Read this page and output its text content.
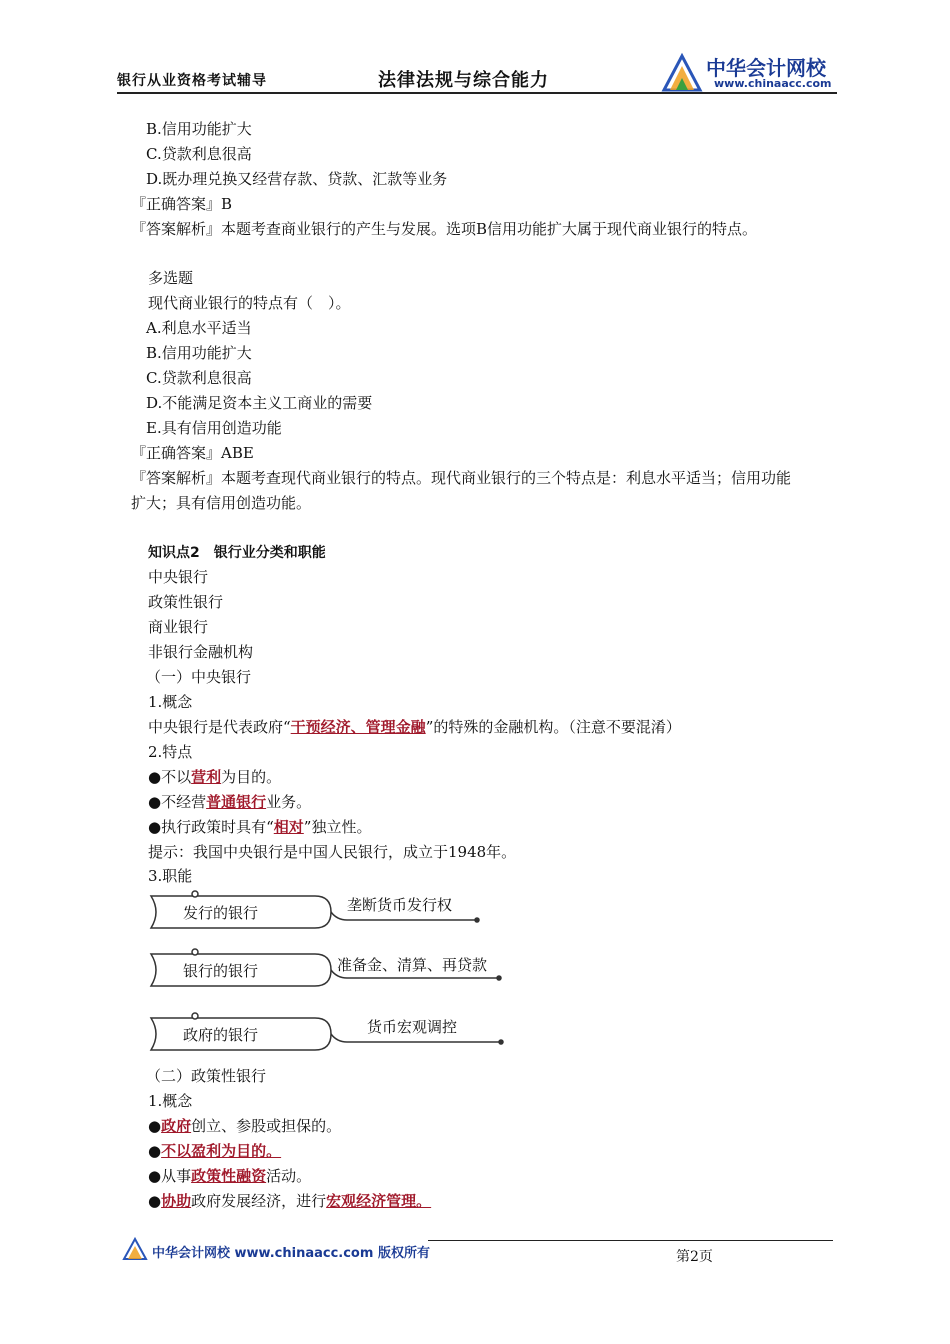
银行从业资格考试辅导	法律法规与综合能力
中华会计网校
www.chinaacc.com
B.信用功能扩大
C.贷款利息很高
D.既办理兑换又经营存款、贷款、汇款等业务
『正确答案』B
『答案解析』本题考查商业银行的产生与发展。选项B信用功能扩大属于现代商业银行的特点。
多选题
现代商业银行的特点有（　）。
A.利息水平适当
B.信用功能扩大
C.贷款利息很高
D.不能满足资本主义工商业的需要
E.具有信用创造功能
『正确答案』ABE
『答案解析』本题考查现代商业银行的特点。现代商业银行的三个特点是：利息水平适当；信用功能
扩大；具有信用创造功能。
知识点2　银行业分类和职能
中央银行
政策性银行
商业银行
非银行金融机构
（一）中央银行
1.概念
中央银行是代表政府“干预经济、管理金融”的特殊的金融机构。（注意不要混淆）
2.特点
●不以营利为目的。
●不经营普通银行业务。
●执行政策时具有“相对”独立性。
提示：我国中央银行是中国人民银行，成立于1948年。
3.职能
发行的银行	垄断货币发行权
银行的银行	准备金、清算、再贷款
政府的银行	货币宏观调控
（二）政策性银行
1.概念
●政府创立、参股或担保的。
●不以盈利为目的。
●从事政策性融资活动。
●协助政府发展经济，进行宏观经济管理。
中华会计网校 www.chinaacc.com 版权所有	第2页
